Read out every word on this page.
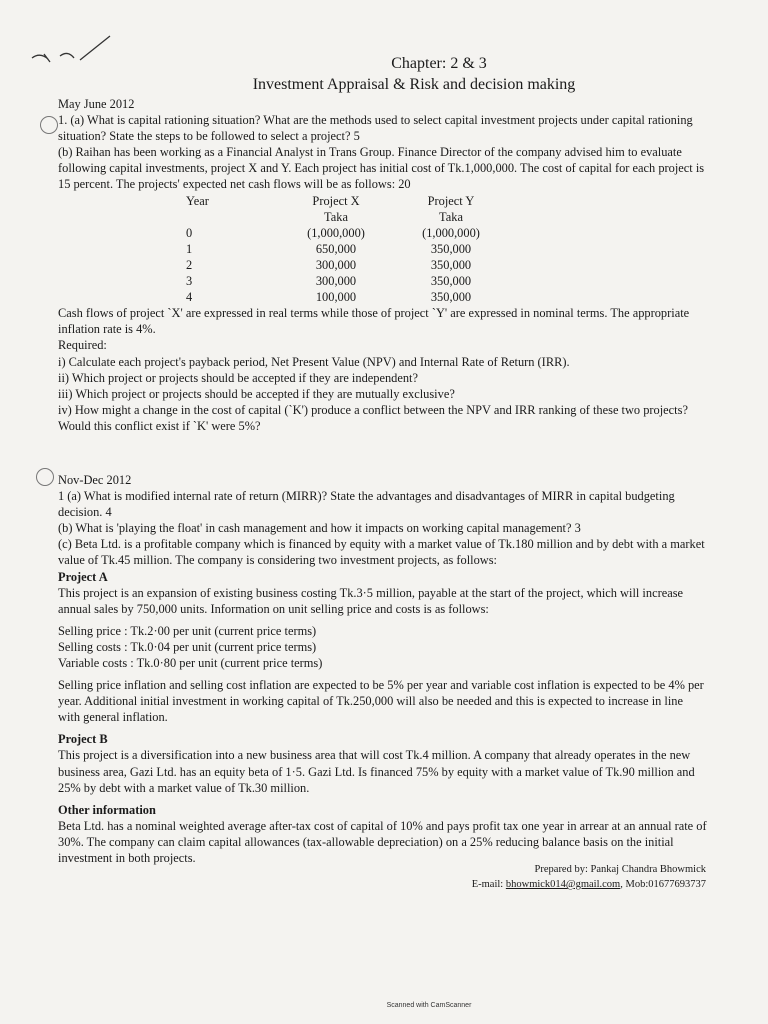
Chapter: 2 & 3
Investment Appraisal & Risk and decision making

May June 2012

1. (a) What is capital rationing situation? What are the methods used to select capital investment projects under capital rationing situation? State the steps to be followed to select a project? 5

(b) Raihan has been working as a Financial Analyst in Trans Group. Finance Director of the company advised him to evaluate following capital investments, project X and Y. Each project has initial cost of Tk.1,000,000. The cost of capital for each project is 15 percent. The projects' expected net cash flows will be as follows: 20

Year	Project X	Project Y
	Taka	Taka
0	(1,000,000)	(1,000,000)
1	650,000	350,000
2	300,000	350,000
3	300,000	350,000
4	100,000	350,000

Cash flows of project `X' are expressed in real terms while those of project `Y' are expressed in nominal terms. The appropriate inflation rate is 4%.

Required:

i) Calculate each project's payback period, Net Present Value (NPV) and Internal Rate of Return (IRR).

ii) Which project or projects should be accepted if they are independent?

iii) Which project or projects should be accepted if they are mutually exclusive?

iv) How might a change in the cost of capital (`K') produce a conflict between the NPV and IRR ranking of these two projects? Would this conflict exist if `K' were 5%?

Nov-Dec 2012

1 (a) What is modified internal rate of return (MIRR)? State the advantages and disadvantages of MIRR in capital budgeting decision. 4

(b) What is 'playing the float' in cash management and how it impacts on working capital management? 3

(c) Beta Ltd. is a profitable company which is financed by equity with a market value of Tk.180 million and by debt with a market value of Tk.45 million. The company is considering two investment projects, as follows:

Project A

This project is an expansion of existing business costing Tk.3·5 million, payable at the start of the project, which will increase annual sales by 750,000 units. Information on unit selling price and costs is as follows:

Selling price : Tk.2·00 per unit (current price terms)

Selling costs : Tk.0·04 per unit (current price terms)

Variable costs : Tk.0·80 per unit (current price terms)

Selling price inflation and selling cost inflation are expected to be 5% per year and variable cost inflation is expected to be 4% per year. Additional initial investment in working capital of Tk.250,000 will also be needed and this is expected to increase in line with general inflation.

Project B

This project is a diversification into a new business area that will cost Tk.4 million. A company that already operates in the new business area, Gazi Ltd. has an equity beta of 1·5. Gazi Ltd. Is financed 75% by equity with a market value of Tk.90 million and 25% by debt with a market value of Tk.30 million.

Other information

Beta Ltd. has a nominal weighted average after-tax cost of capital of 10% and pays profit tax one year in arrear at an annual rate of 30%. The company can claim capital allowances (tax-allowable depreciation) on a 25% reducing balance basis on the initial investment in both projects.

Prepared by: Pankaj Chandra Bhowmick
E-mail: bhowmick014@gmail.com, Mob:01677693737
Scanned with CamScanner
